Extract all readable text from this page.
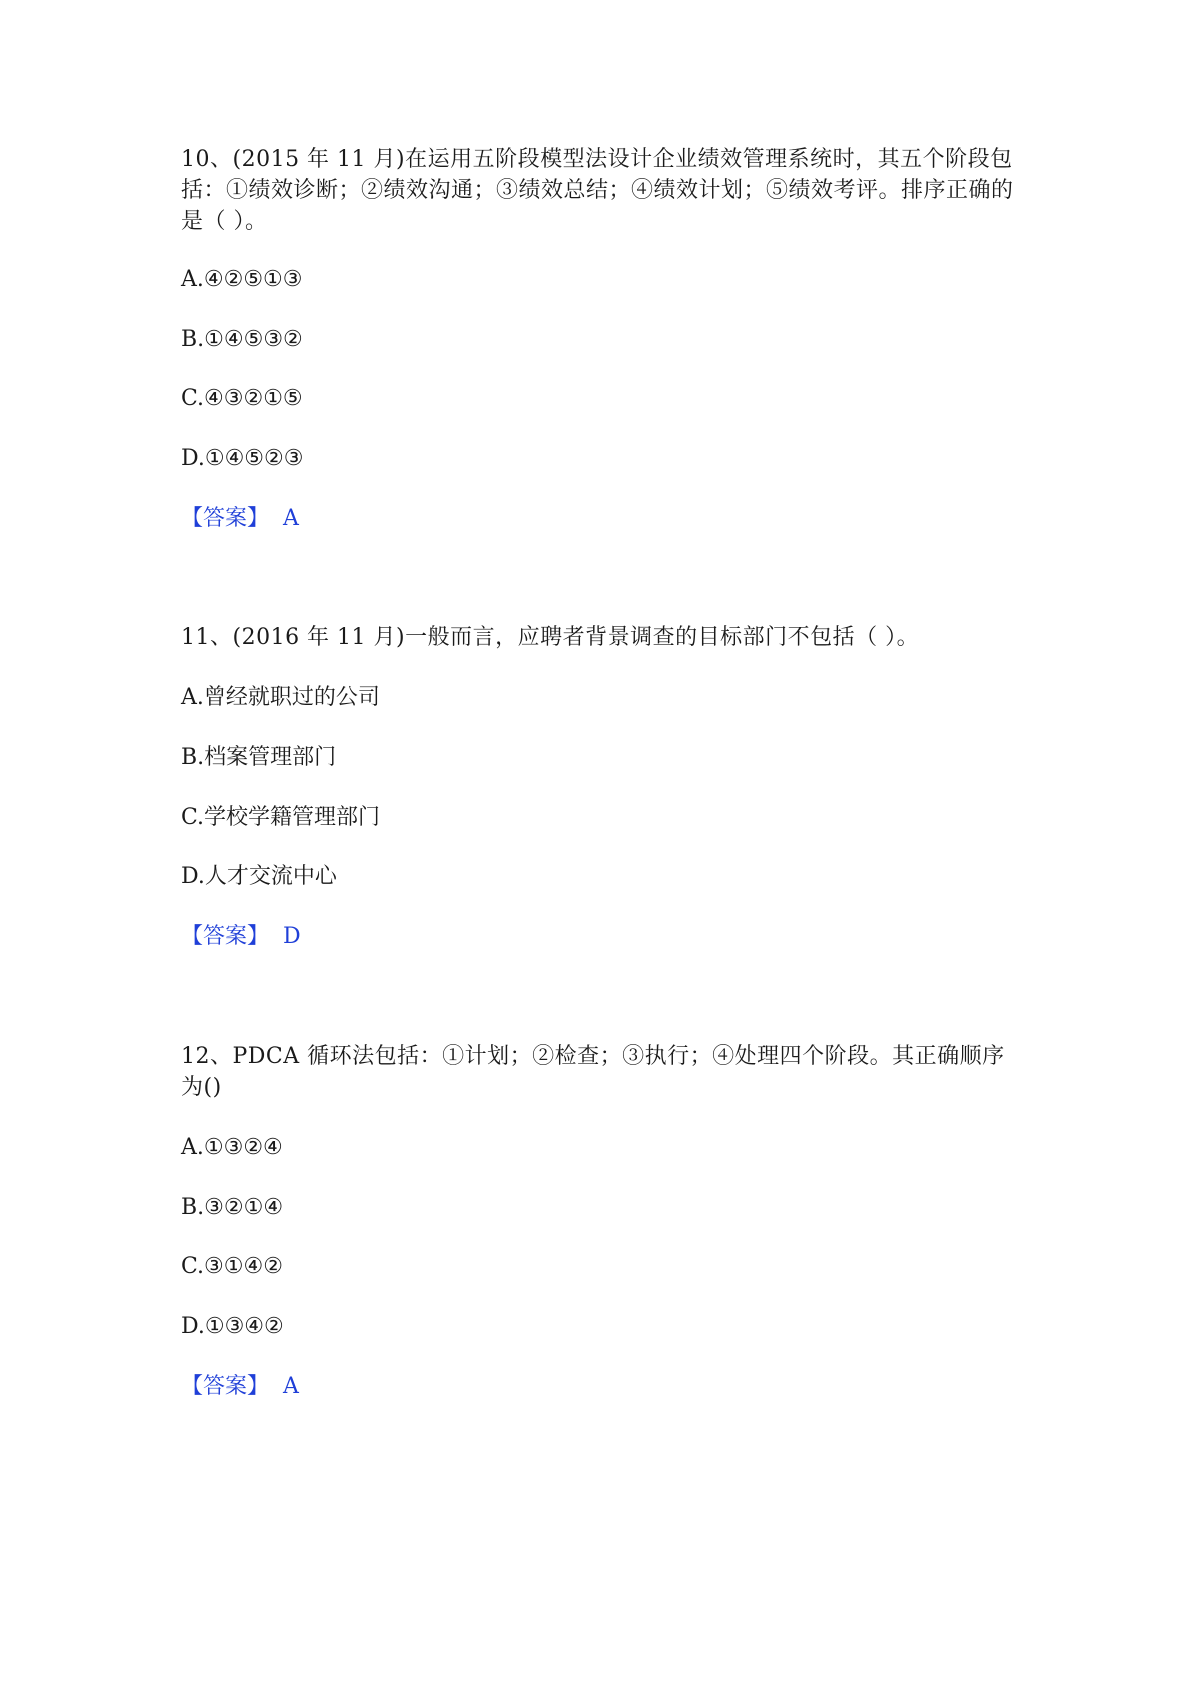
10、(2015 年 11 月)在运用五阶段模型法设计企业绩效管理系统时，其五个阶段包括：①绩效诊断；②绩效沟通；③绩效总结；④绩效计划；⑤绩效考评。排序正确的是（ ）。

A.④②⑤①③
B.①④⑤③②
C.④③②①⑤
D.①④⑤②③
【答案】 A

11、(2016 年 11 月)一般而言，应聘者背景调查的目标部门不包括（ ）。

A.曾经就职过的公司
B.档案管理部门
C.学校学籍管理部门
D.人才交流中心
【答案】 D

12、PDCA 循环法包括：①计划；②检查；③执行；④处理四个阶段。其正确顺序为()

A.①③②④
B.③②①④
C.③①④②
D.①③④②
【答案】 A
